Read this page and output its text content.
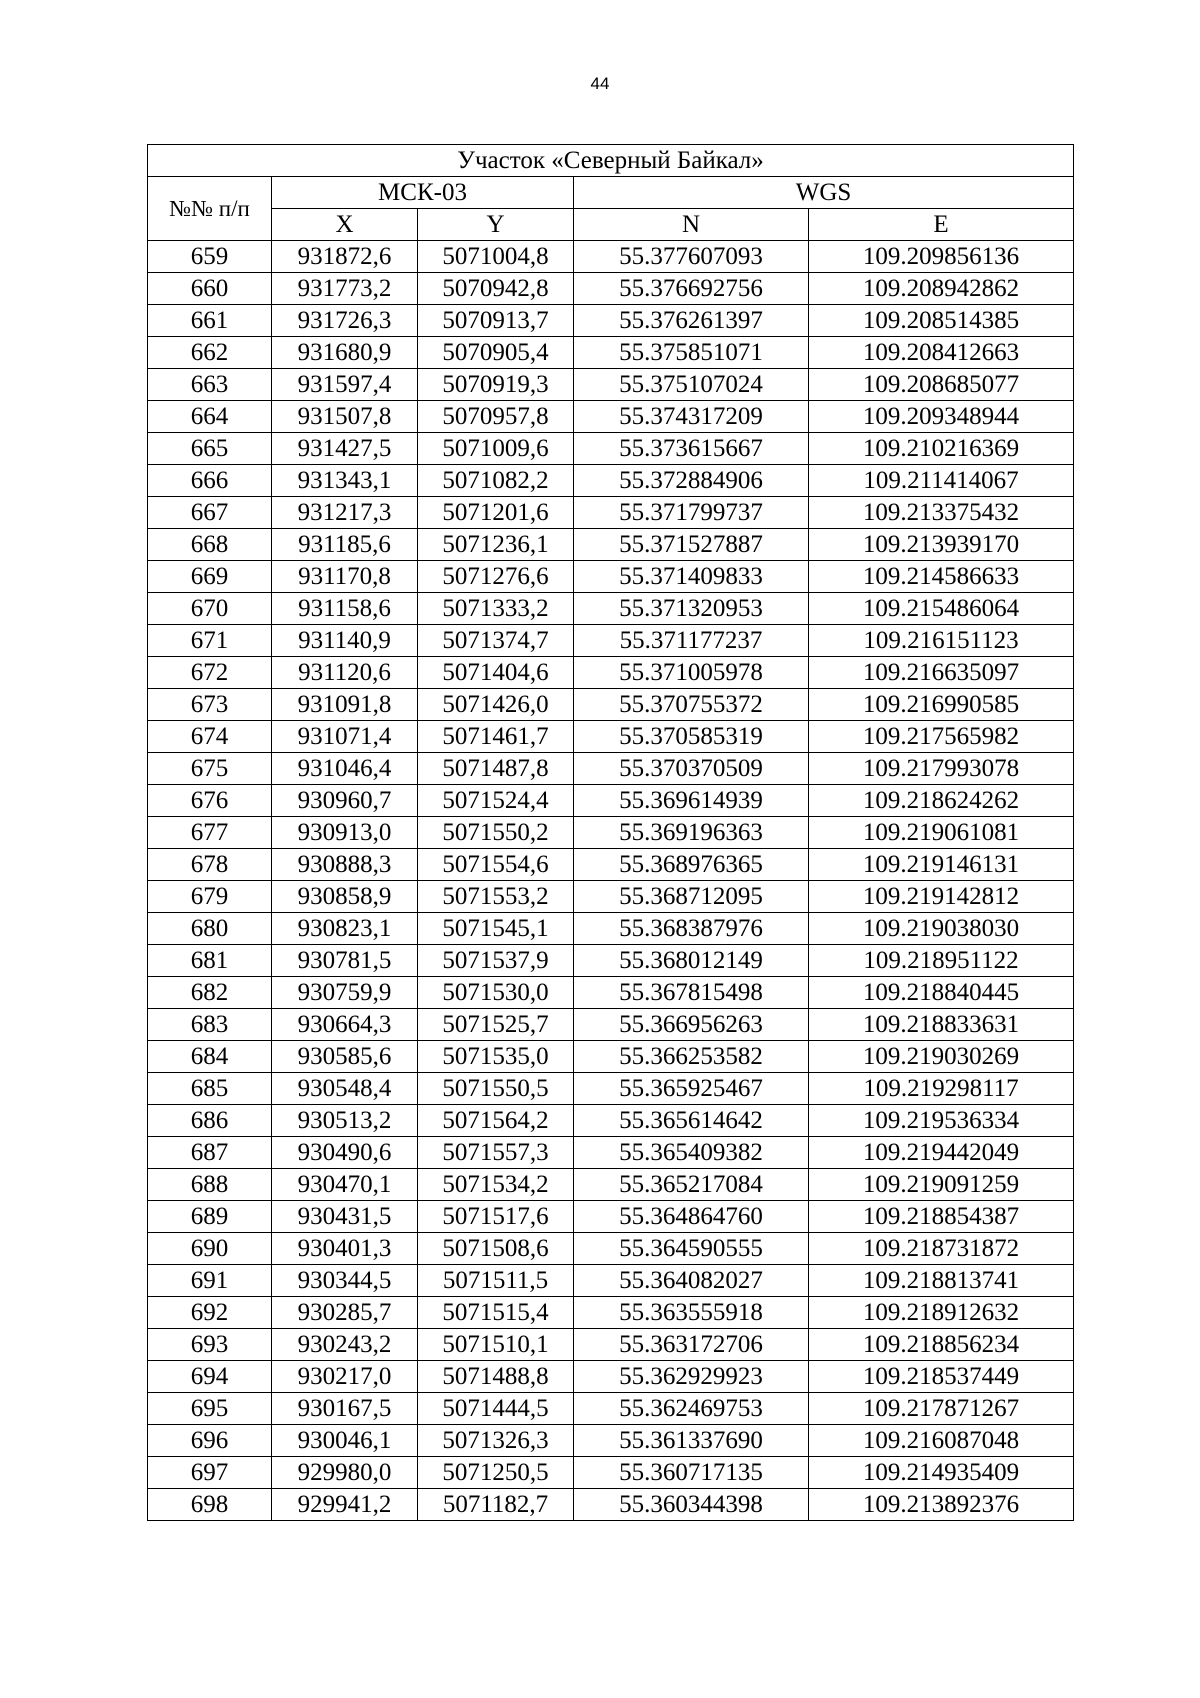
44
Участок «Северный Байкал»				
№№ п/п	МСК-03		WGS	
	X	Y	N	E
659	931872,6	5071004,8	55.377607093	109.209856136
660	931773,2	5070942,8	55.376692756	109.208942862
661	931726,3	5070913,7	55.376261397	109.208514385
662	931680,9	5070905,4	55.375851071	109.208412663
663	931597,4	5070919,3	55.375107024	109.208685077
664	931507,8	5070957,8	55.374317209	109.209348944
665	931427,5	5071009,6	55.373615667	109.210216369
666	931343,1	5071082,2	55.372884906	109.211414067
667	931217,3	5071201,6	55.371799737	109.213375432
668	931185,6	5071236,1	55.371527887	109.213939170
669	931170,8	5071276,6	55.371409833	109.214586633
670	931158,6	5071333,2	55.371320953	109.215486064
671	931140,9	5071374,7	55.371177237	109.216151123
672	931120,6	5071404,6	55.371005978	109.216635097
673	931091,8	5071426,0	55.370755372	109.216990585
674	931071,4	5071461,7	55.370585319	109.217565982
675	931046,4	5071487,8	55.370370509	109.217993078
676	930960,7	5071524,4	55.369614939	109.218624262
677	930913,0	5071550,2	55.369196363	109.219061081
678	930888,3	5071554,6	55.368976365	109.219146131
679	930858,9	5071553,2	55.368712095	109.219142812
680	930823,1	5071545,1	55.368387976	109.219038030
681	930781,5	5071537,9	55.368012149	109.218951122
682	930759,9	5071530,0	55.367815498	109.218840445
683	930664,3	5071525,7	55.366956263	109.218833631
684	930585,6	5071535,0	55.366253582	109.219030269
685	930548,4	5071550,5	55.365925467	109.219298117
686	930513,2	5071564,2	55.365614642	109.219536334
687	930490,6	5071557,3	55.365409382	109.219442049
688	930470,1	5071534,2	55.365217084	109.219091259
689	930431,5	5071517,6	55.364864760	109.218854387
690	930401,3	5071508,6	55.364590555	109.218731872
691	930344,5	5071511,5	55.364082027	109.218813741
692	930285,7	5071515,4	55.363555918	109.218912632
693	930243,2	5071510,1	55.363172706	109.218856234
694	930217,0	5071488,8	55.362929923	109.218537449
695	930167,5	5071444,5	55.362469753	109.217871267
696	930046,1	5071326,3	55.361337690	109.216087048
697	929980,0	5071250,5	55.360717135	109.214935409
698	929941,2	5071182,7	55.360344398	109.213892376
